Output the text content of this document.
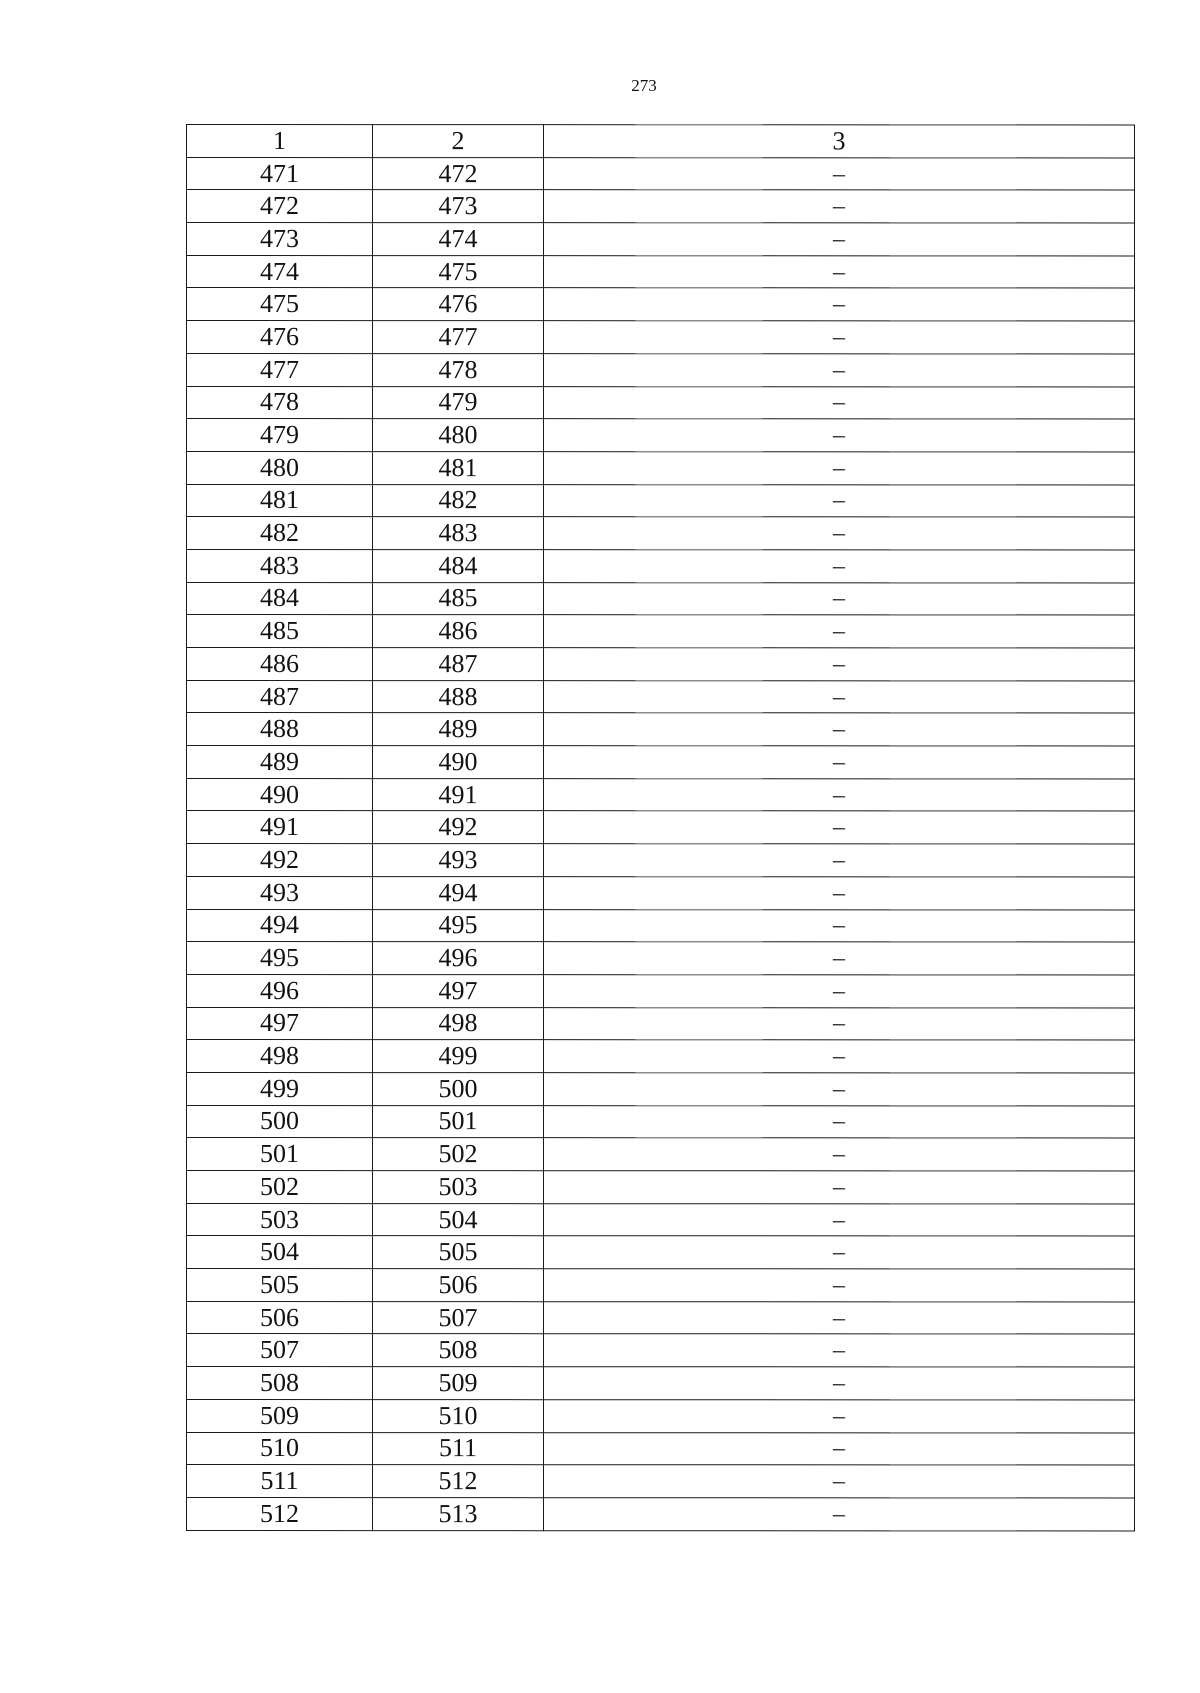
273
1	2	3
471	472	–
472	473	–
473	474	–
474	475	–
475	476	–
476	477	–
477	478	–
478	479	–
479	480	–
480	481	–
481	482	–
482	483	–
483	484	–
484	485	–
485	486	–
486	487	–
487	488	–
488	489	–
489	490	–
490	491	–
491	492	–
492	493	–
493	494	–
494	495	–
495	496	–
496	497	–
497	498	–
498	499	–
499	500	–
500	501	–
501	502	–
502	503	–
503	504	–
504	505	–
505	506	–
506	507	–
507	508	–
508	509	–
509	510	–
510	511	–
511	512	–
512	513	–
